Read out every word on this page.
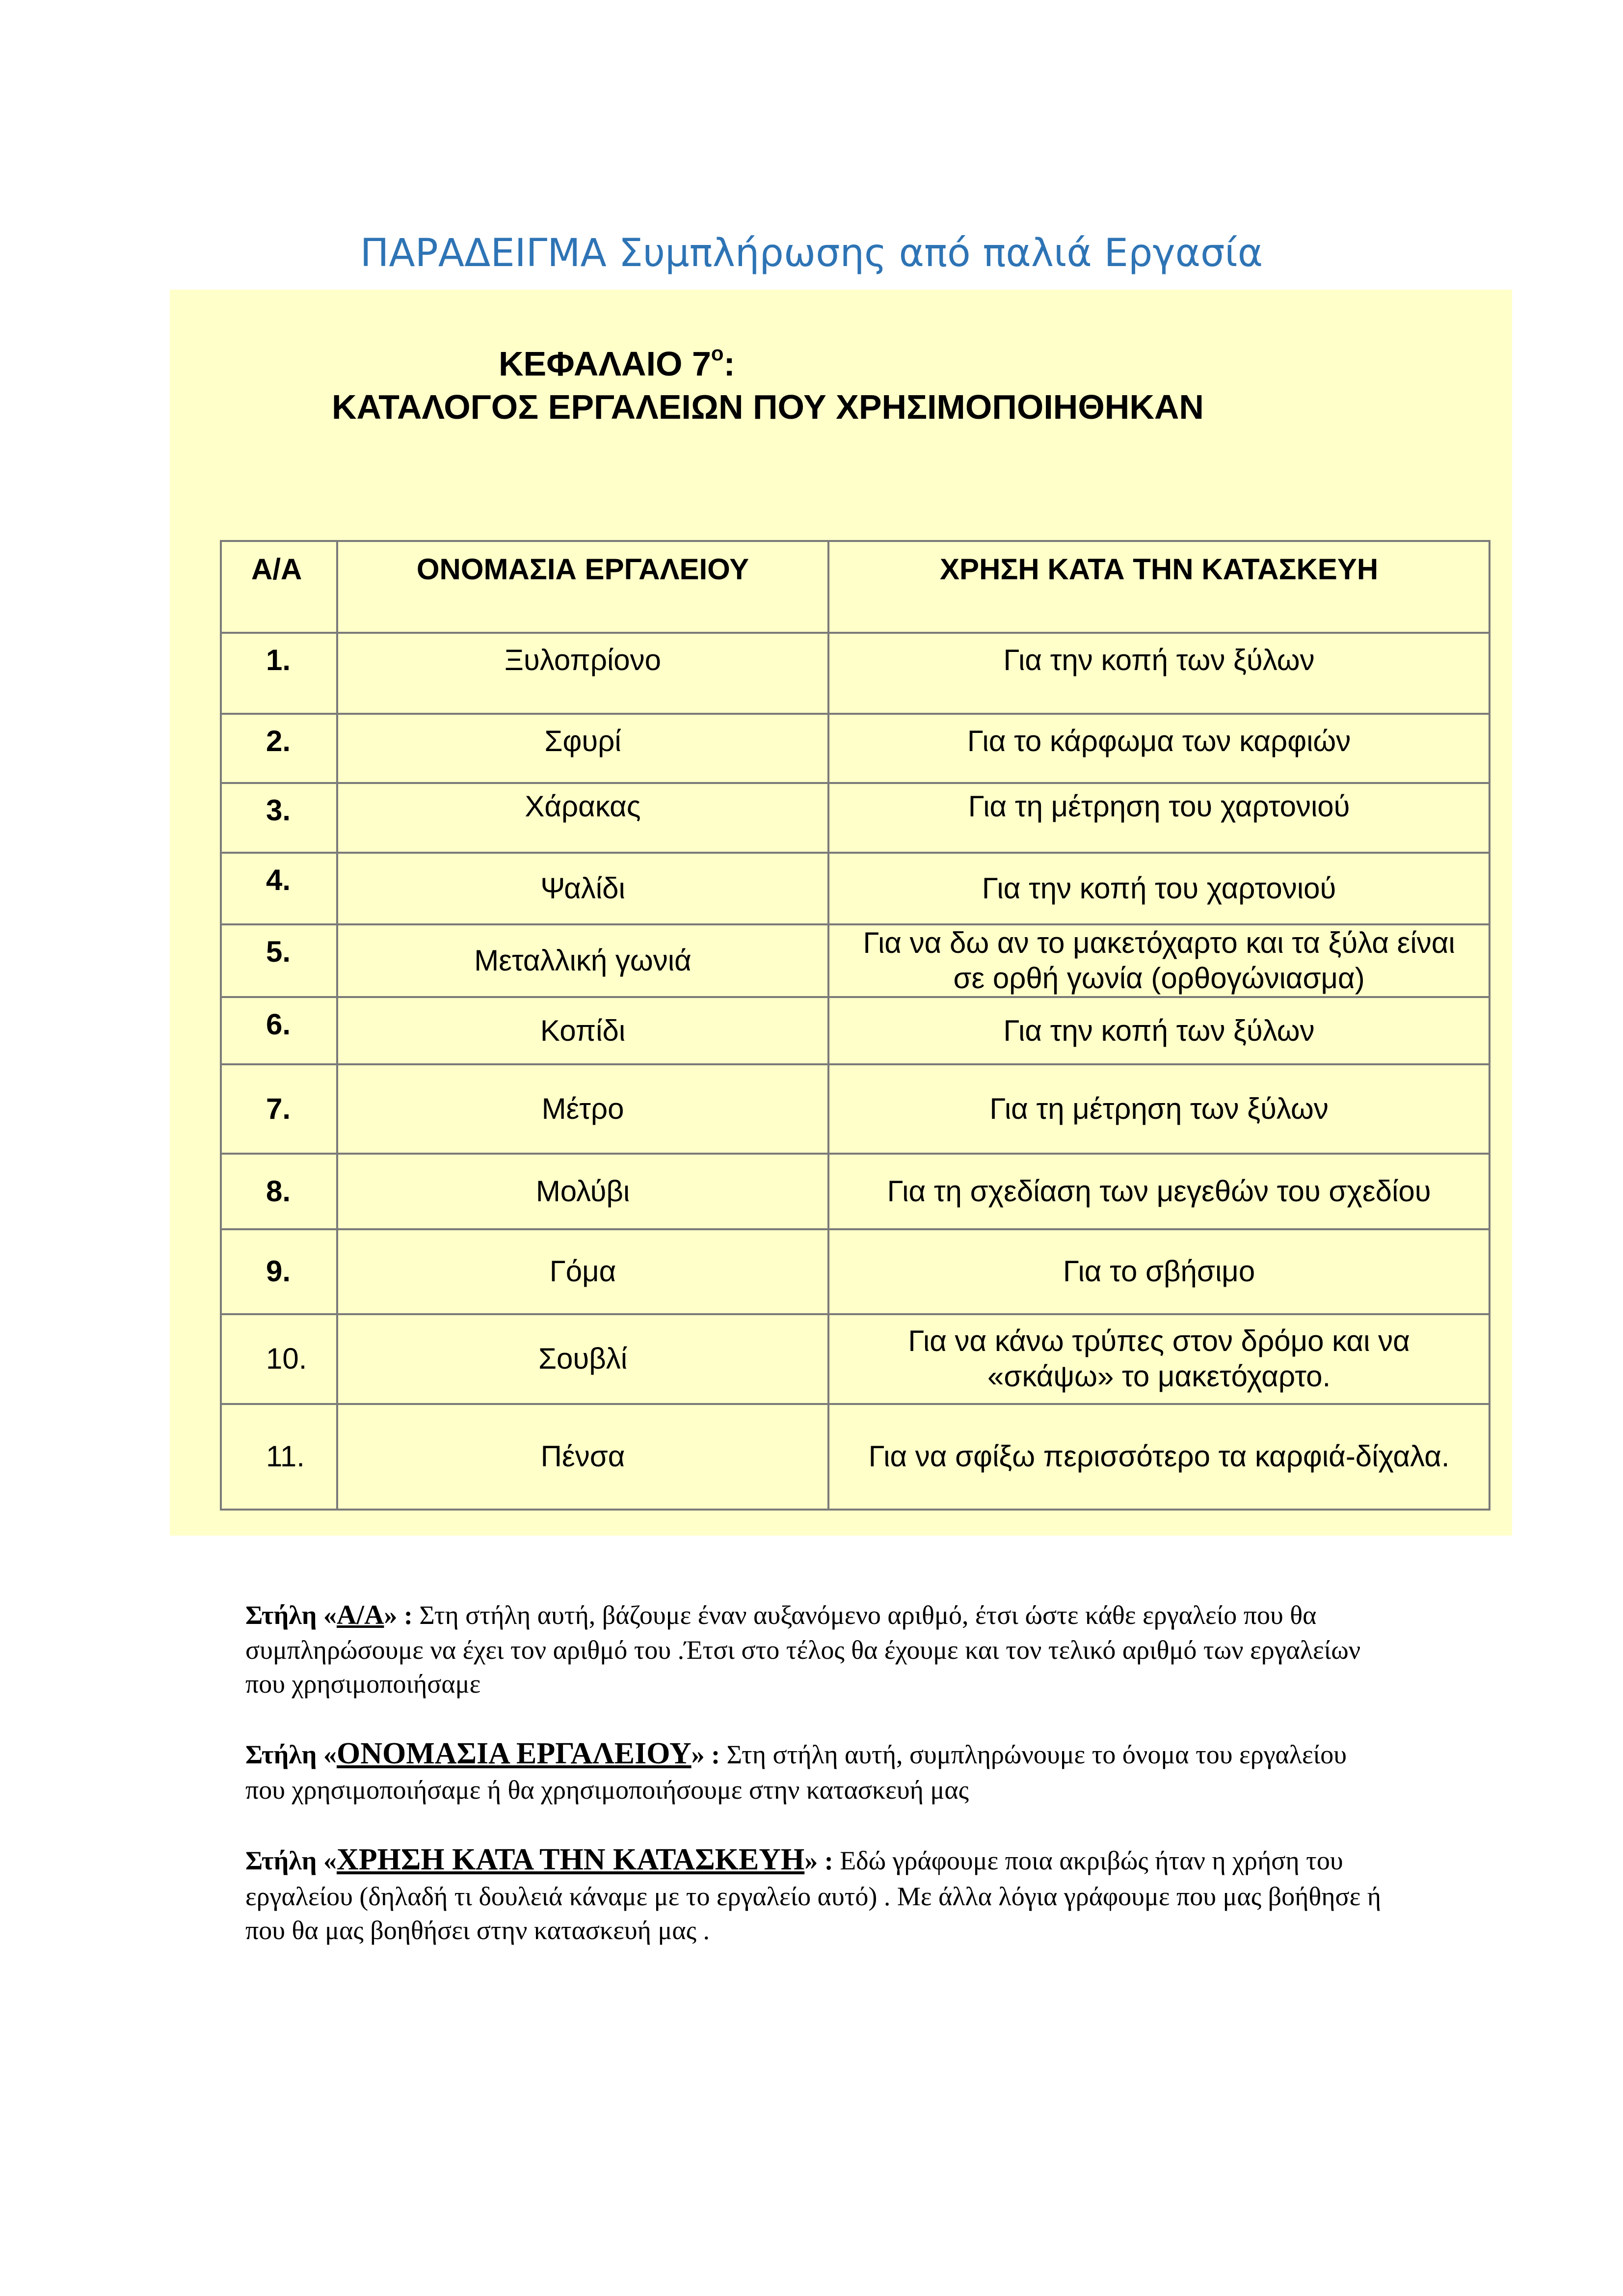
ΠΑΡΑΔΕΙΓΜΑ Συμπλήρωσης από παλιά Εργασία
ΚΕΦΑΛΑΙΟ $7^o$:
ΚΑΤΑΛΟΓΟΣ ΕΡΓΑΛΕΙΩΝ ΠΟΥ ΧΡΗΣΙΜΟΠΟΙΗΘΗΚΑΝ
Α/Α	ΟΝΟΜΑΣΙΑ ΕΡΓΑΛΕΙΟΥ	ΧΡΗΣΗ ΚΑΤΑ ΤΗΝ ΚΑΤΑΣΚΕΥΗ
1.	Ξυλοπρίονο	Για την κοπή των ξύλων
2.	Σφυρί	Για το κάρφωμα των καρφιών
3.	Χάρακας	Για τη μέτρηση του χαρτονιού
4.	Ψαλίδι	Για την κοπή του χαρτονιού
5.	Μεταλλική γωνιά	Για να δω αν το μακετόχαρτο και τα ξύλα είναι
σε ορθή γωνία (ορθογώνιασμα)

6.	Κοπίδι	Για την κοπή των ξύλων
7.	Μέτρο	Για τη μέτρηση των ξύλων
8.	Μολύβι	Για τη σχεδίαση των μεγεθών του σχεδίου
9.	Γόμα	Για το σβήσιμο
10.	Σουβλί	Για να κάνω τρύπες στον δρόμο και να
«σκάψω» το μακετόχαρτο.

11.	Πένσα	Για να σφίξω περισσότερο τα καρφιά-δίχαλα.

Στήλη «Α/Α» : Στη στήλη αυτή, βάζουμε έναν αυξανόμενο αριθμό, έτσι ώστε κάθε εργαλείο που θα συμπληρώσουμε να έχει τον αριθμό του .Έτσι στο τέλος θα έχουμε και τον τελικό αριθμό των εργαλείων που χρησιμοποιήσαμε

Στήλη «ΟΝΟΜΑΣΙΑ ΕΡΓΑΛΕΙΟΥ» : Στη στήλη αυτή, συμπληρώνουμε το όνομα του εργαλείου που χρησιμοποιήσαμε ή θα χρησιμοποιήσουμε στην κατασκευή μας

Στήλη «ΧΡΗΣΗ ΚΑΤΑ ΤΗΝ ΚΑΤΑΣΚΕΥΗ» : Εδώ γράφουμε ποια ακριβώς ήταν η χρήση του εργαλείου (δηλαδή τι δουλειά κάναμε με το εργαλείο αυτό) . Με άλλα λόγια γράφουμε που μας βοήθησε ή που θα μας βοηθήσει στην κατασκευή μας .
